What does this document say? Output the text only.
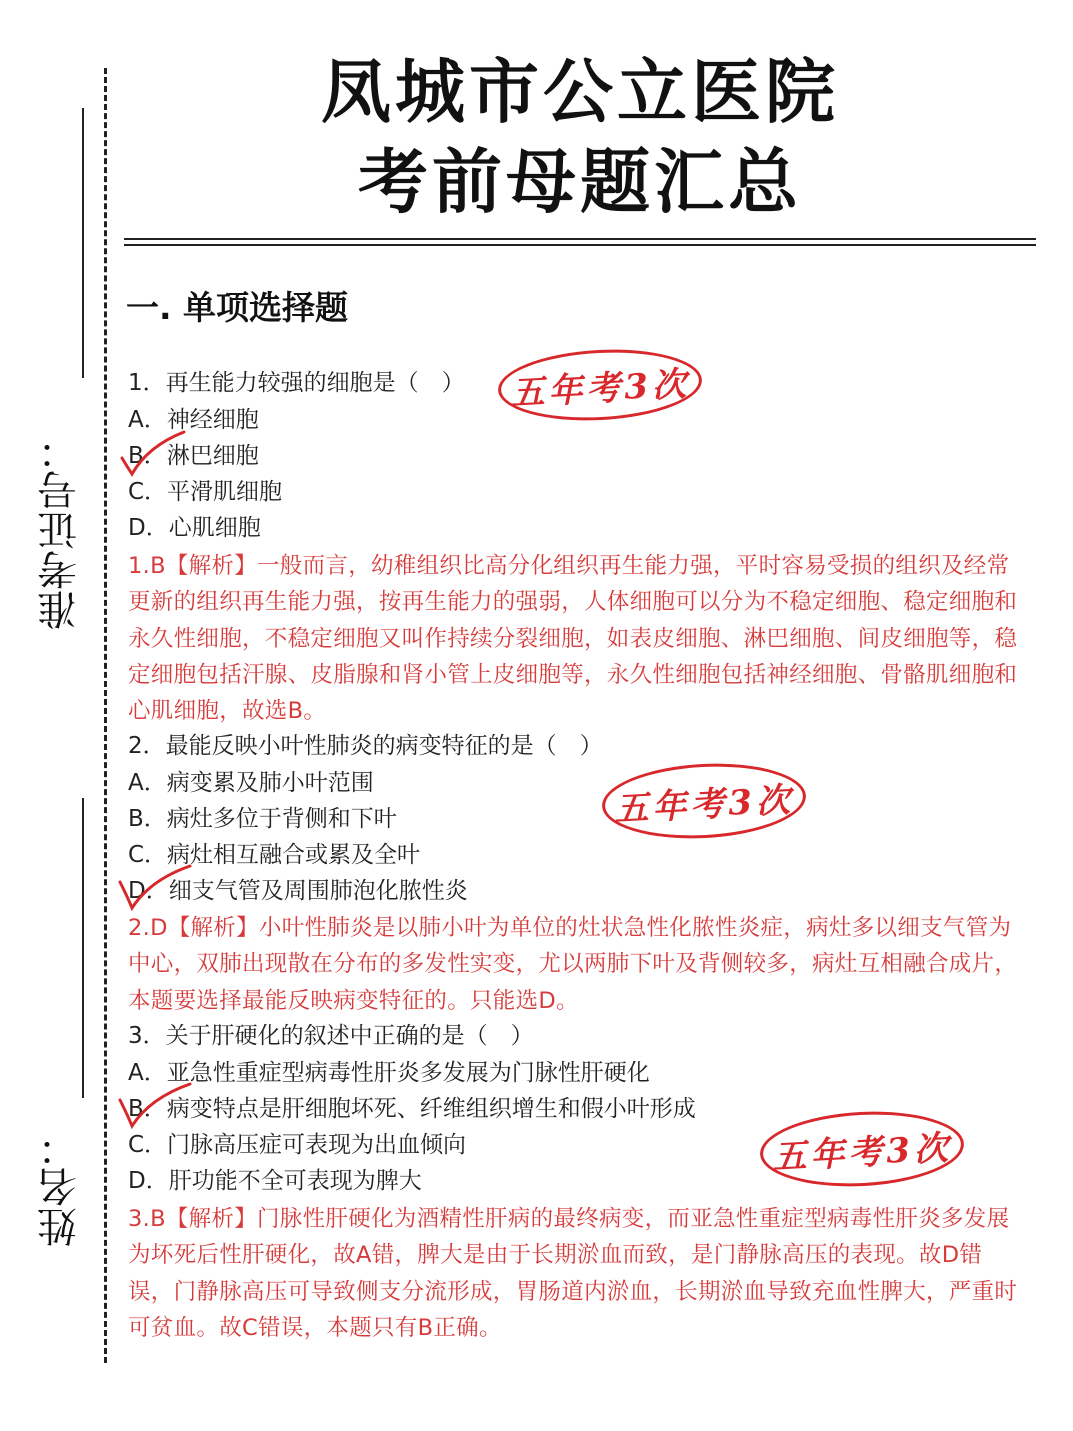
准考证号：
姓名：
凤城市公立医院
考前母题汇总
一. 单项选择题
1．再生能力较强的细胞是（　）
A．神经细胞
B．淋巴细胞
C．平滑肌细胞
D．心肌细胞
1.B【解析】一般而言，幼稚组织比高分化组织再生能力强，平时容易受损的组织及经常更新的组织再生能力强，按再生能力的强弱，人体细胞可以分为不稳定细胞、稳定细胞和永久性细胞，不稳定细胞又叫作持续分裂细胞，如表皮细胞、淋巴细胞、间皮细胞等，稳定细胞包括汗腺、皮脂腺和肾小管上皮细胞等，永久性细胞包括神经细胞、骨骼肌细胞和心肌细胞，故选B。
2．最能反映小叶性肺炎的病变特征的是（　）
A．病变累及肺小叶范围
B．病灶多位于背侧和下叶
C．病灶相互融合或累及全叶
D．细支气管及周围肺泡化脓性炎
2.D【解析】小叶性肺炎是以肺小叶为单位的灶状急性化脓性炎症，病灶多以细支气管为中心，双肺出现散在分布的多发性实变，尤以两肺下叶及背侧较多，病灶互相融合成片，本题要选择最能反映病变特征的。只能选D。
3．关于肝硬化的叙述中正确的是（　）
A．亚急性重症型病毒性肝炎多发展为门脉性肝硬化
B．病变特点是肝细胞坏死、纤维组织增生和假小叶形成
C．门脉高压症可表现为出血倾向
D．肝功能不全可表现为脾大
3.B【解析】门脉性肝硬化为酒精性肝病的最终病变，而亚急性重症型病毒性肝炎多发展为坏死后性肝硬化，故A错，脾大是由于长期淤血而致，是门静脉高压的表现。故D错误，门静脉高压可导致侧支分流形成，胃肠道内淤血，长期淤血导致充血性脾大，严重时可贫血。故C错误，本题只有B正确。
五年考3次
五年考3次
五年考3次
